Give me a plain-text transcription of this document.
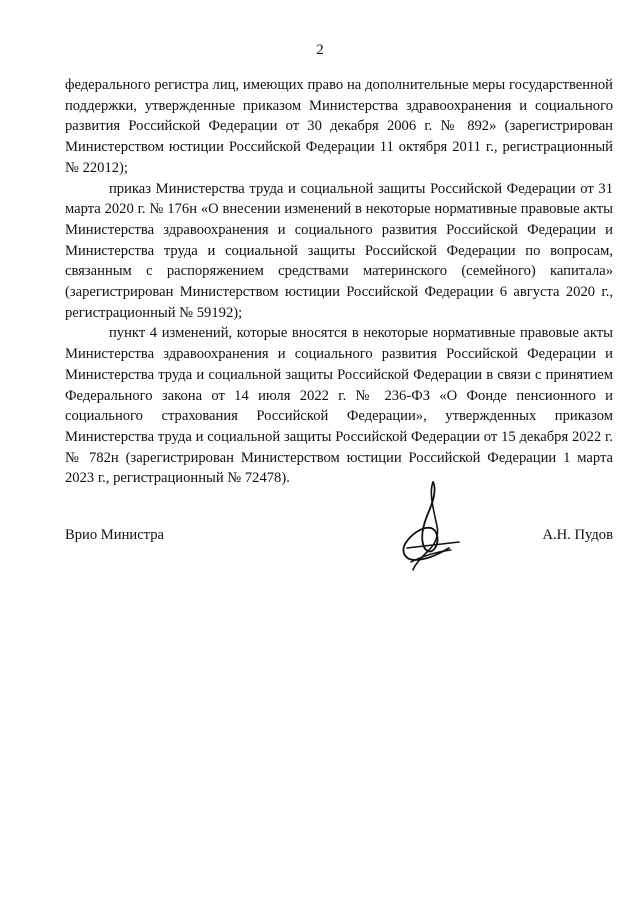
2

федерального регистра лиц, имеющих право на дополнительные меры государственной поддержки, утвержденные приказом Министерства здравоохранения и социального развития Российской Федерации от 30 декабря 2006 г. № 892» (зарегистрирован Министерством юстиции Российской Федерации 11 октября 2011 г., регистрационный № 22012);

приказ Министерства труда и социальной защиты Российской Федерации от 31 марта 2020 г. № 176н «О внесении изменений в некоторые нормативные правовые акты Министерства здравоохранения и социального развития Российской Федерации и Министерства труда и социальной защиты Российской Федерации по вопросам, связанным с распоряжением средствами материнского (семейного) капитала» (зарегистрирован Министерством юстиции Российской Федерации 6 августа 2020 г., регистрационный № 59192);

пункт 4 изменений, которые вносятся в некоторые нормативные правовые акты Министерства здравоохранения и социального развития Российской Федерации и Министерства труда и социальной защиты Российской Федерации в связи с принятием Федерального закона от 14 июля 2022 г. № 236-ФЗ «О Фонде пенсионного и социального страхования Российской Федерации», утвержденных приказом Министерства труда и социальной защиты Российской Федерации от 15 декабря 2022 г. № 782н (зарегистрирован Министерством юстиции Российской Федерации 1 марта 2023 г., регистрационный № 72478).

Врио Министра	А.Н. Пудов
